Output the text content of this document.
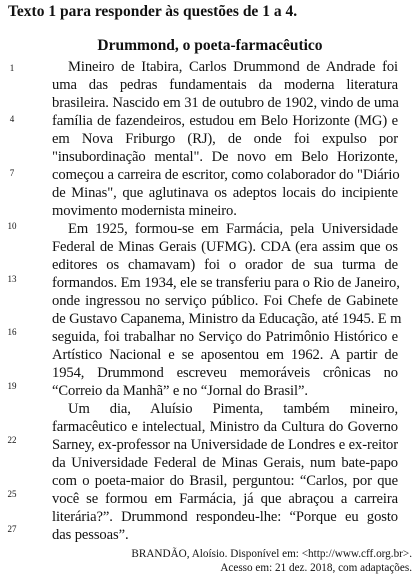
Texto 1 para responder às questões de 1 a 4.
Drummond, o poeta-farmacêutico
1
4
7
10
13
16
19
22
25
27
Mineiro de Itabira, Carlos Drummond de Andrade foi
uma das pedras fundamentais da moderna literatura
brasileira. Nascido em 31 de outubro de 1902, vindo de uma
família de fazendeiros, estudou em Belo Horizonte (MG) e
em Nova Friburgo (RJ), de onde foi expulso por
"insubordinação mental". De novo em Belo Horizonte,
começou a carreira de escritor, como colaborador do "Diário
de Minas", que aglutinava os adeptos locais do incipiente
movimento modernista mineiro.
Em 1925, formou-se em Farmácia, pela Universidade
Federal de Minas Gerais (UFMG). CDA (era assim que os
editores os chamavam) foi o orador de sua turma de
formandos. Em 1934, ele se transferiu para o Rio de Janeiro,
onde ingressou no serviço público. Foi Chefe de Gabinete
de Gustavo Capanema, Ministro da Educação, até 1945. E m
seguida, foi trabalhar no Serviço do Patrimônio Histórico e
Artístico Nacional e se aposentou em 1962. A partir de
1954, Drummond escreveu memoráveis crônicas no
“Correio da Manhã” e no “Jornal do Brasil”.
Um dia, Aluísio Pimenta, também mineiro,
farmacêutico e intelectual, Ministro da Cultura do Governo
Sarney, ex-professor na Universidade de Londres e ex-reitor
da Universidade Federal de Minas Gerais, num bate-papo
com o poeta-maior do Brasil, perguntou: “Carlos, por que
você se formou em Farmácia, já que abraçou a carreira
literária?”. Drummond respondeu-lhe: “Porque eu gosto
das pessoas”.
BRANDÃO, Aloísio. Disponível em: <http://www.cff.org.br>.
Acesso em: 21 dez. 2018, com adaptações.
